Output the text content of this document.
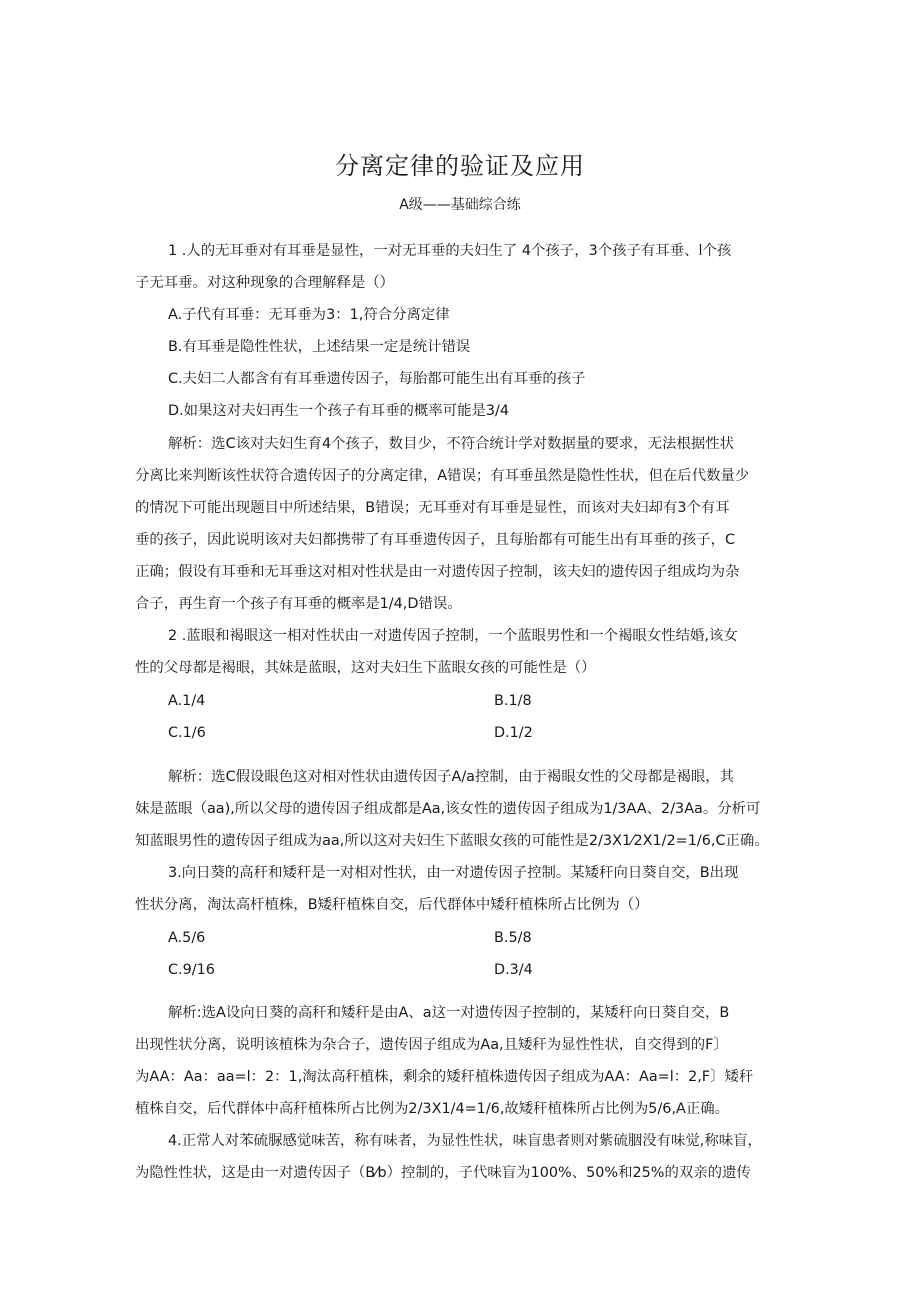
分离定律的验证及应用
A级——基础综合练
1 .人的无耳垂对有耳垂是显性，一对无耳垂的夫妇生了 4个孩子，3个孩子有耳垂、l个孩
子无耳垂。对这种现象的合理解释是（）
A.子代有耳垂：无耳垂为3：1,符合分离定律
B.有耳垂是隐性性状，上述结果一定是统计错误
C.夫妇二人都含有有耳垂遗传因子，每胎都可能生出有耳垂的孩子
D.如果这对夫妇再生一个孩子有耳垂的概率可能是3/4
解析：选C该对夫妇生育4个孩子，数目少，不符合统计学对数据量的要求，无法根据性状
分离比来判断该性状符合遗传因子的分离定律，A错误；有耳垂虽然是隐性性状，但在后代数量少
的情况下可能出现题目中所述结果，B错误；无耳垂对有耳垂是显性，而该对夫妇却有3个有耳
垂的孩子，因此说明该对夫妇都携带了有耳垂遗传因子，且每胎都有可能生出有耳垂的孩子，C
正确；假设有耳垂和无耳垂这对相对性状是由一对遗传因子控制，该夫妇的遗传因子组成均为杂
合子，再生育一个孩子有耳垂的概率是1/4,D错误。
2 .蓝眼和褐眼这一相对性状由一对遗传因子控制，一个蓝眼男性和一个褐眼女性结婚,该女
性的父母都是褐眼，其妹是蓝眼，这对夫妇生下蓝眼女孩的可能性是（）
A.1/4	B.1/8
C.1/6	D.1/2
解析：选C假设眼色这对相对性状由遗传因子A/a控制，由于褐眼女性的父母都是褐眼，其
妹是蓝眼（aa),所以父母的遗传因子组成都是Aa,该女性的遗传因子组成为1/3AA、2/3Aa。分析可
知蓝眼男性的遗传因子组成为aa,所以这对夫妇生下蓝眼女孩的可能性是2/3X1⁄2X1/2=1/6,C正确。
3.向日葵的高秆和矮秆是一对相对性状，由一对遗传因子控制。某矮秆向日葵自交，B出现
性状分离，淘汰高杆植株，B矮秆植株自交，后代群体中矮秆植株所占比例为（）
A.5/6	B.5/8
C.9/16	D.3/4
解析:选A设向日葵的高秆和矮秆是由A、a这一对遗传因子控制的，某矮秆向日葵自交，B
出现性状分离，说明该植株为杂合子，遗传因子组成为Aa,且矮秆为显性性状，自交得到的F〕
为AA：Aa：aa=l：2：1,淘汰高秆植株，剩余的矮秆植株遗传因子组成为AA：Aa=l：2,F〕矮秆
植株自交，后代群体中高秆植株所占比例为2/3X1/4=1/6,故矮秆植株所占比例为5/6,A正确。
4.正常人对苯硫脲感觉味苦，称有味者，为显性性状，味盲患者则对紫硫胭没有味觉,称味盲，
为隐性性状，这是由一对遗传因子（B⁄b）控制的，子代味盲为100%、50%和25%的双亲的遗传
